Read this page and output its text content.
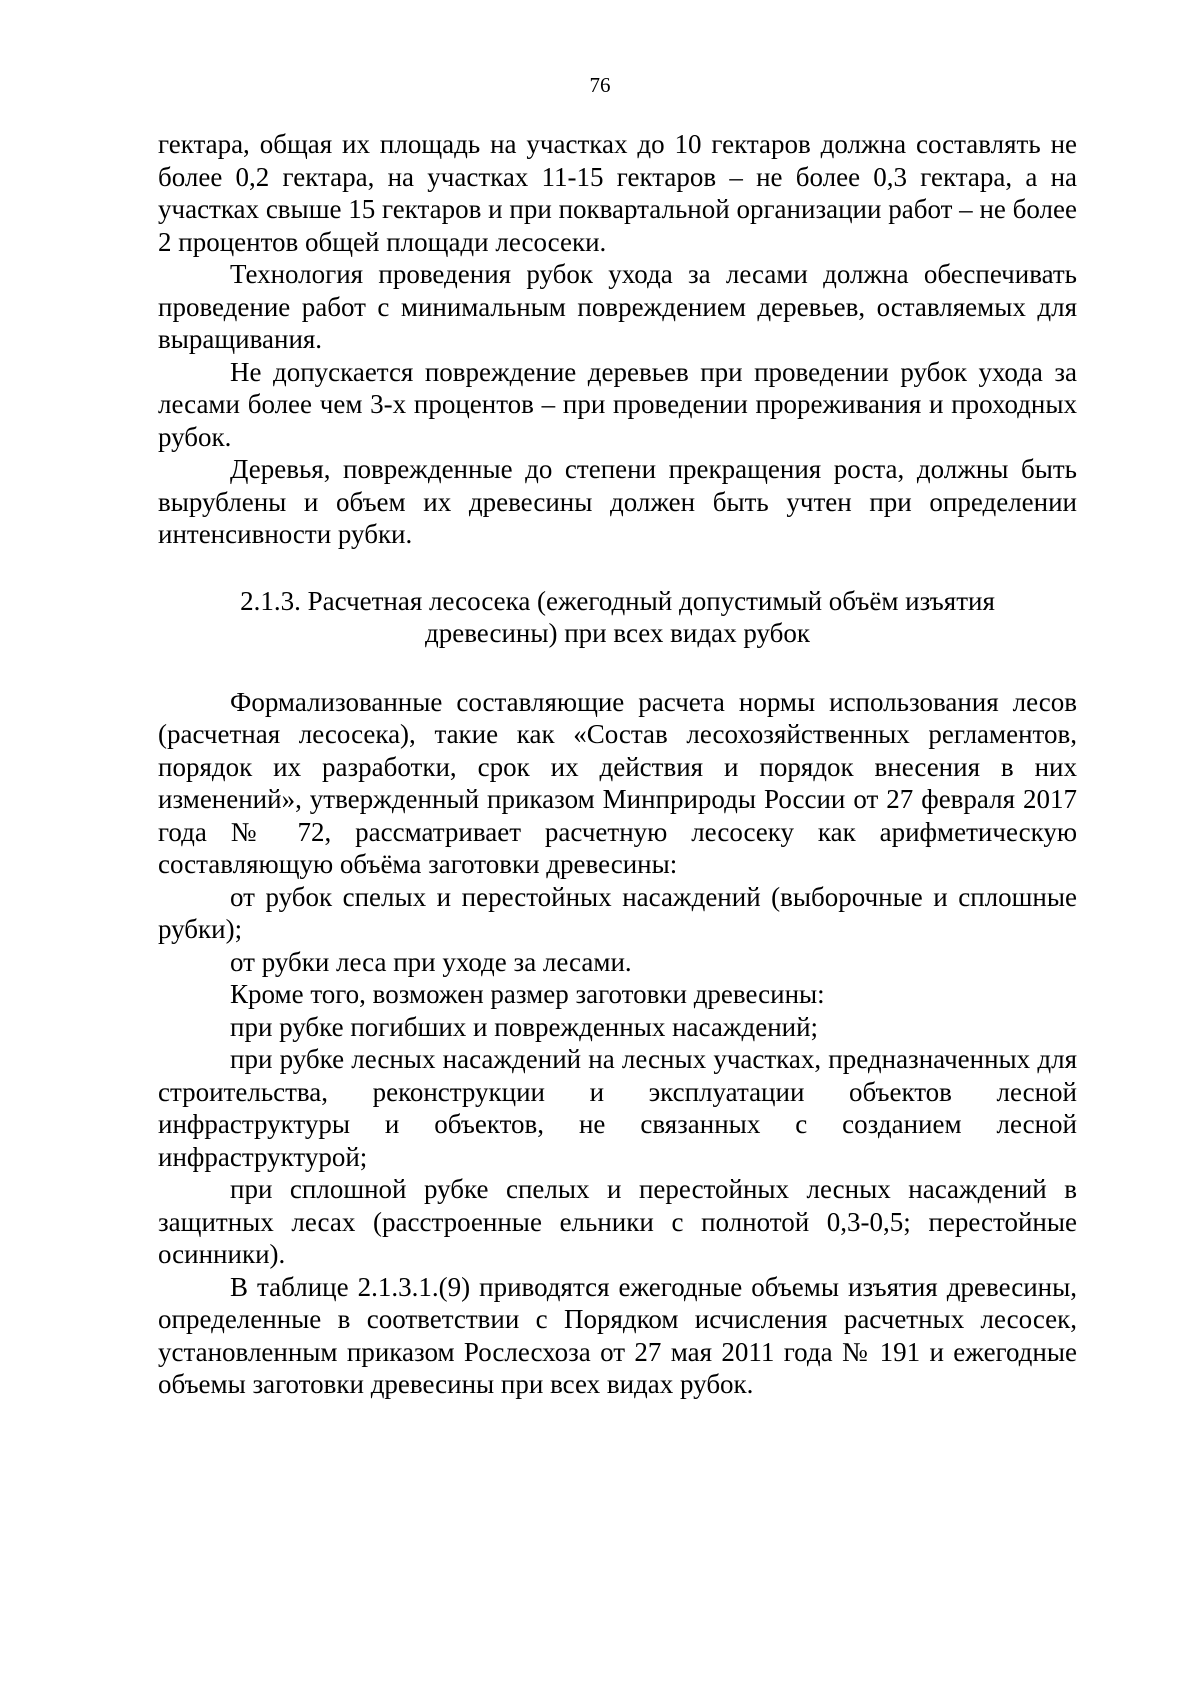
76

гектара, общая их площадь на участках до 10 гектаров должна составлять не более 0,2 гектара, на участках 11-15 гектаров – не более 0,3 гектара, а на участках свыше 15 гектаров и при поквартальной организации работ – не более 2 процентов общей площади лесосеки.

Технология проведения рубок ухода за лесами должна обеспечивать проведение работ с минимальным повреждением деревьев, оставляемых для выращивания.

Не допускается повреждение деревьев при проведении рубок ухода за лесами более чем 3-х процентов – при проведении прореживания и проходных рубок.

Деревья, поврежденные до степени прекращения роста, должны быть вырублены и объем их древесины должен быть учтен при определении интенсивности рубки.

2.1.3. Расчетная лесосека (ежегодный допустимый объём изъятия

древесины) при всех видах рубок

Формализованные составляющие расчета нормы использования лесов (расчетная лесосека), такие как «Состав лесохозяйственных регламентов, порядок их разработки, срок их действия и порядок внесения в них изменений», утвержденный приказом Минприроды России от 27 февраля 2017 года № 72, рассматривает расчетную лесосеку как арифметическую составляющую объёма заготовки древесины:

от рубок спелых и перестойных насаждений (выборочные и сплошные рубки);

от рубки леса при уходе за лесами.

Кроме того, возможен размер заготовки древесины:

при рубке погибших и поврежденных насаждений;

при рубке лесных насаждений на лесных участках, предназначенных для строительства, реконструкции и эксплуатации объектов лесной инфраструктуры и объектов, не связанных с созданием лесной инфраструктурой;

при сплошной рубке спелых и перестойных лесных насаждений в защитных лесах (расстроенные ельники с полнотой 0,3-0,5; перестойные осинники).

В таблице 2.1.3.1.(9) приводятся ежегодные объемы изъятия древесины, определенные в соответствии с Порядком исчисления расчетных лесосек, установленным приказом Рослесхоза от 27 мая 2011 года № 191 и ежегодные объемы заготовки древесины при всех видах рубок.
